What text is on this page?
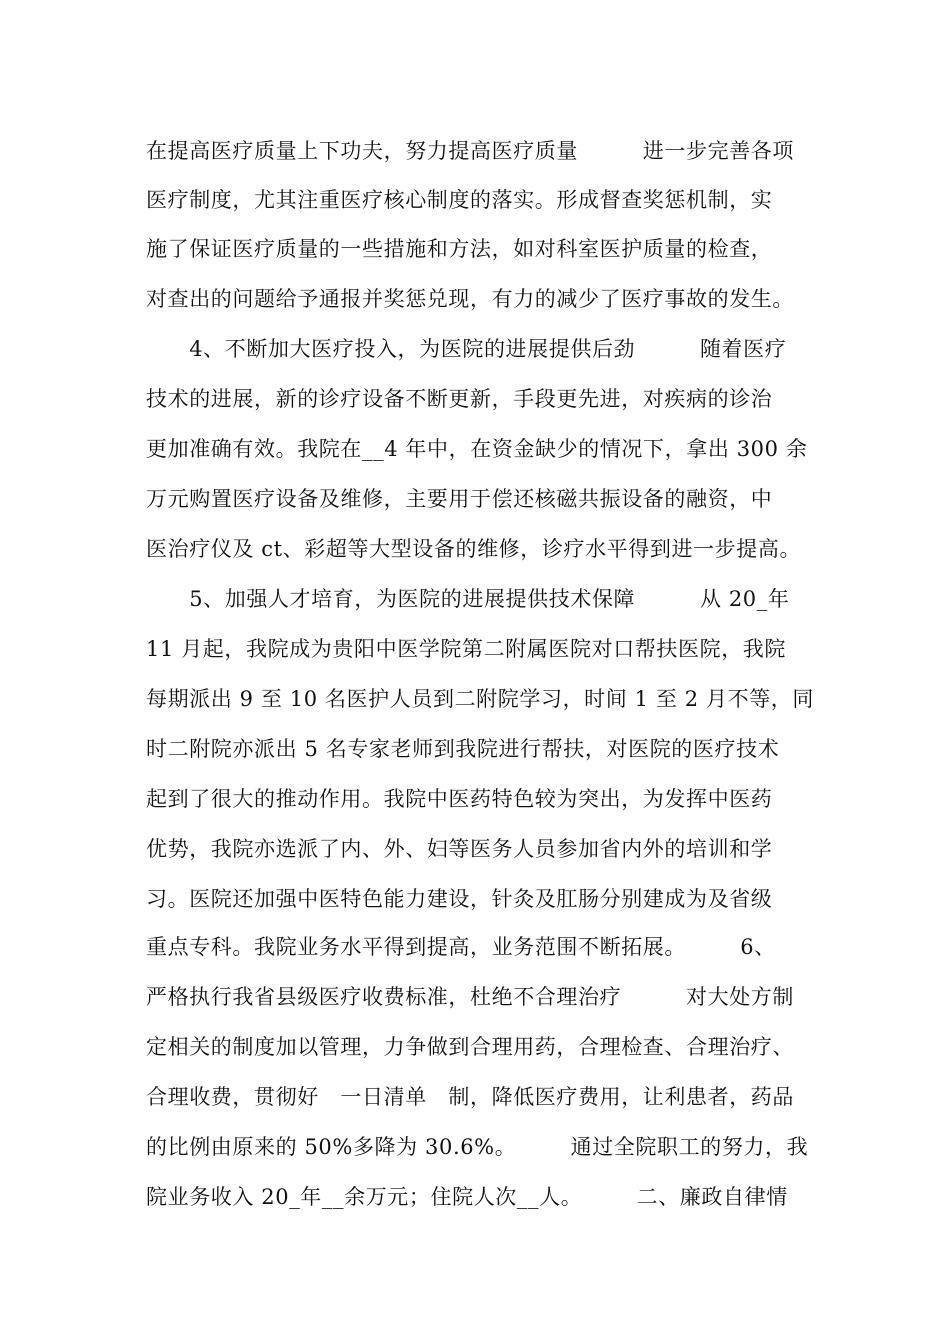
在提高医疗质量上下功夫，努力提高医疗质量　　　进一步完善各项
医疗制度，尤其注重医疗核心制度的落实。形成督查奖惩机制，实
施了保证医疗质量的一些措施和方法，如对科室医护质量的检查，
对查出的问题给予通报并奖惩兑现，有力的减少了医疗事故的发生。
　　4、不断加大医疗投入，为医院的进展提供后劲　　　随着医疗
技术的进展，新的诊疗设备不断更新，手段更先进，对疾病的诊治
更加准确有效。我院在__4 年中，在资金缺少的情况下，拿出 300 余
万元购置医疗设备及维修，主要用于偿还核磁共振设备的融资，中
医治疗仪及 ct、彩超等大型设备的维修，诊疗水平得到进一步提高。
　　5、加强人才培育，为医院的进展提供技术保障　　　从 20_年
11 月起，我院成为贵阳中医学院第二附属医院对口帮扶医院，我院
每期派出 9 至 10 名医护人员到二附院学习，时间 1 至 2 月不等，同
时二附院亦派出 5 名专家老师到我院进行帮扶，对医院的医疗技术
起到了很大的推动作用。我院中医药特色较为突出，为发挥中医药
优势，我院亦选派了内、外、妇等医务人员参加省内外的培训和学
习。医院还加强中医特色能力建设，针灸及肛肠分别建成为及省级
重点专科。我院业务水平得到提高，业务范围不断拓展。　　　6、
严格执行我省县级医疗收费标准，杜绝不合理治疗　　　对大处方制
定相关的制度加以管理，力争做到合理用药，合理检查、合理治疗、
合理收费，贯彻好　一日清单　制，降低医疗费用，让利患者，药品
的比例由原来的 50%多降为 30.6%。　　　通过全院职工的努力，我
院业务收入 20_年__余万元；住院人次__人。　　　二、廉政自律情
